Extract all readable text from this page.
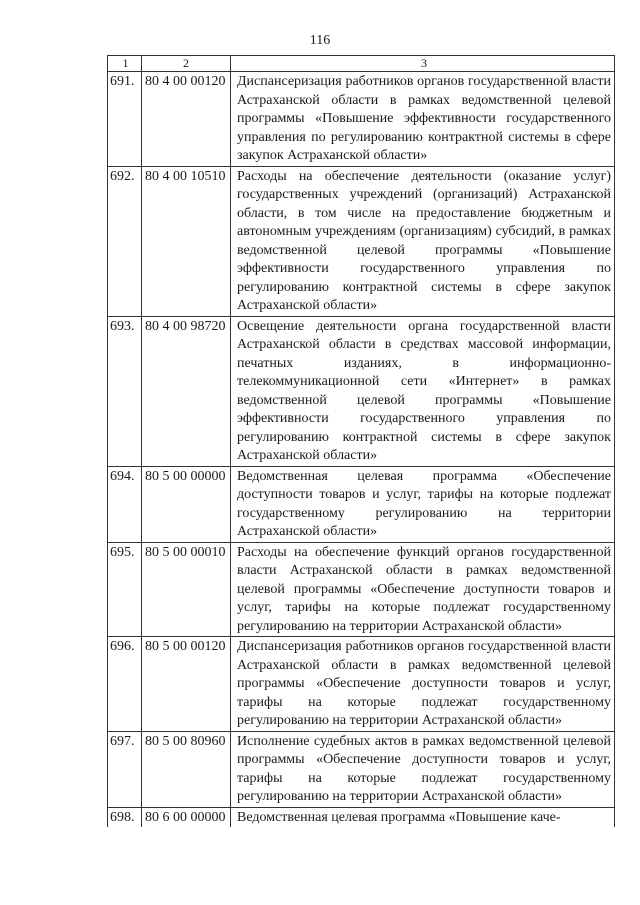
116
1	2	3
691.	80 4 00 00120	Диспансеризация работников органов государственной власти Астраханской области в рамках ведомственной целевой программы «Повышение эффективности государственного управления по регулированию контрактной системы в сфере закупок Астраханской области»
692.	80 4 00 10510	Расходы на обеспечение деятельности (оказание услуг) государственных учреждений (организаций) Астраханской области, в том числе на предоставление бюджетным и автономным учреждениям (организациям) субсидий, в рамках ведомственной целевой программы «Повышение эффективности государственного управления по регулированию контрактной системы в сфере закупок Астраханской области»
693.	80 4 00 98720	Освещение деятельности органа государственной власти Астраханской области в средствах массовой информации, печатных изданиях, в информационно-телекоммуникационной сети «Интернет» в рамках ведомственной целевой программы «Повышение эффективности государственного управления по регулированию контрактной системы в сфере закупок Астраханской области»
694.	80 5 00 00000	Ведомственная целевая программа «Обеспечение доступности товаров и услуг, тарифы на которые подлежат государственному регулированию на территории Астраханской области»
695.	80 5 00 00010	Расходы на обеспечение функций органов государственной власти Астраханской области в рамках ведомственной целевой программы «Обеспечение доступности товаров и услуг, тарифы на которые подлежат государственному регулированию на территории Астраханской области»
696.	80 5 00 00120	Диспансеризация работников органов государственной власти Астраханской области в рамках ведомственной целевой программы «Обеспечение доступности товаров и услуг, тарифы на которые подлежат государственному регулированию на территории Астраханской области»
697.	80 5 00 80960	Исполнение судебных актов в рамках ведомственной целевой программы «Обеспечение доступности товаров и услуг, тарифы на которые подлежат государственному регулированию на территории Астраханской области»
698.	80 6 00 00000	Ведомственная целевая программа «Повышение каче-
